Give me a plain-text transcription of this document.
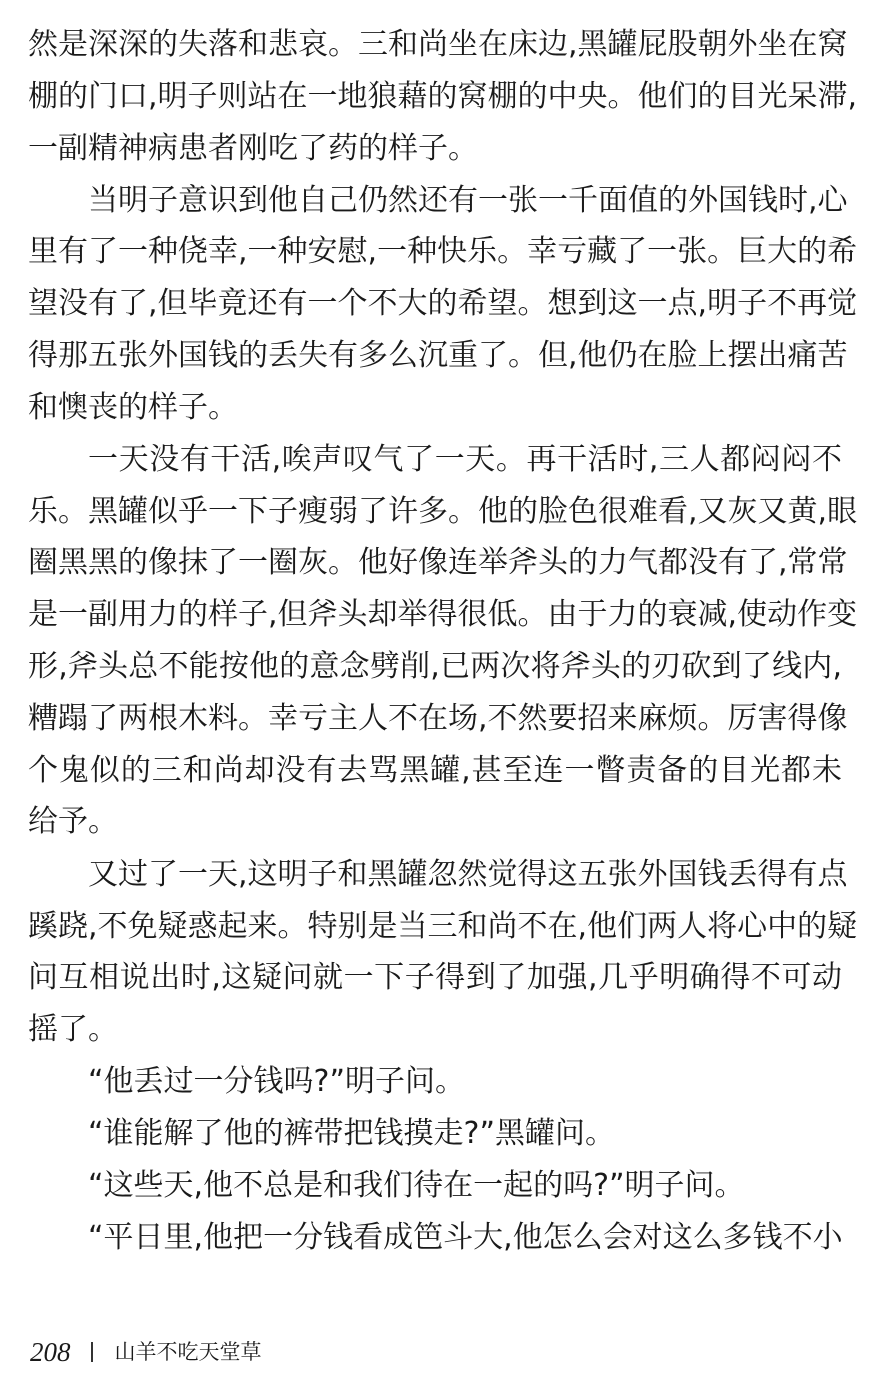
然是深深的失落和悲哀。三和尚坐在床边,黑罐屁股朝外坐在窝
棚的门口,明子则站在一地狼藉的窝棚的中央。他们的目光呆滞,
一副精神病患者刚吃了药的样子。
当明子意识到他自己仍然还有一张一千面值的外国钱时,心
里有了一种侥幸,一种安慰,一种快乐。幸亏藏了一张。巨大的希
望没有了,但毕竟还有一个不大的希望。想到这一点,明子不再觉
得那五张外国钱的丢失有多么沉重了。但,他仍在脸上摆出痛苦
和懊丧的样子。
一天没有干活,唉声叹气了一天。再干活时,三人都闷闷不
乐。黑罐似乎一下子瘦弱了许多。他的脸色很难看,又灰又黄,眼
圈黑黑的像抹了一圈灰。他好像连举斧头的力气都没有了,常常
是一副用力的样子,但斧头却举得很低。由于力的衰减,使动作变
形,斧头总不能按他的意念劈削,已两次将斧头的刃砍到了线内,
糟蹋了两根木料。幸亏主人不在场,不然要招来麻烦。厉害得像
个鬼似的三和尚却没有去骂黑罐,甚至连一瞥责备的目光都未
给予。
又过了一天,这明子和黑罐忽然觉得这五张外国钱丢得有点
蹊跷,不免疑惑起来。特别是当三和尚不在,他们两人将心中的疑
问互相说出时,这疑问就一下子得到了加强,几乎明确得不可动
摇了。
“他丢过一分钱吗?”明子问。
“谁能解了他的裤带把钱摸走?”黑罐问。
“这些天,他不总是和我们待在一起的吗?”明子问。
“平日里,他把一分钱看成笆斗大,他怎么会对这么多钱不小
208 山羊不吃天堂草
